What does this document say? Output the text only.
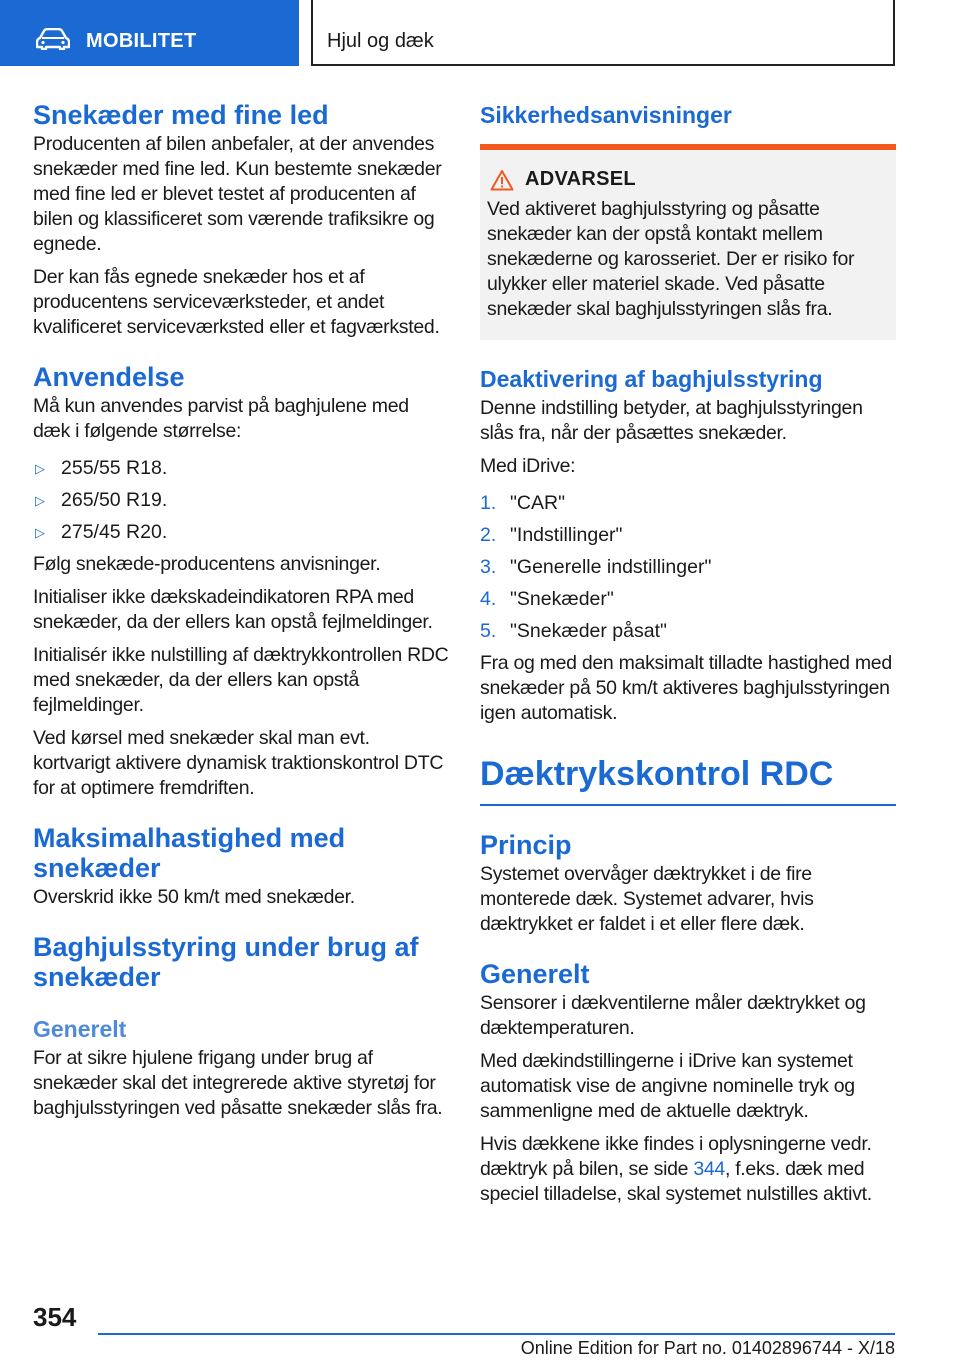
MOBILITET	Hjul og dæk
Snekæder med fine led

Producenten af bilen anbefaler, at der anvendes snekæder med fine led. Kun bestemte snekæder med fine led er blevet testet af producenten af bilen og klassificeret som værende trafiksikre og egnede.

Der kan fås egnede snekæder hos et af producentens serviceværksteder, et andet kvalificeret serviceværksted eller et fagværksted.

Anvendelse

Må kun anvendes parvist på baghjulene med dæk i følgende størrelse:

▷ 255/55 R18.
▷ 265/50 R19.
▷ 275/45 R20.

Følg snekæde-producentens anvisninger.

Initialiser ikke dækskadeindikatoren RPA med snekæder, da der ellers kan opstå fejlmeldinger.

Initialisér ikke nulstilling af dæktrykkontrollen RDC med snekæder, da der ellers kan opstå fejlmeldinger.

Ved kørsel med snekæder skal man evt. kortvarigt aktivere dynamisk traktionskontrol DTC for at optimere fremdriften.

Maksimalhastighed med snekæder

Overskrid ikke 50 km/t med snekæder.

Baghjulsstyring under brug af snekæder
Generelt

For at sikre hjulene frigang under brug af snekæder skal det integrerede aktive styretøj for baghjulsstyringen ved påsatte snekæder slås fra.

Sikkerhedsanvisninger
ADVARSEL

Ved aktiveret baghjulsstyring og påsatte snekæder kan der opstå kontakt mellem snekæderne og karosseriet. Der er risiko for ulykker eller materiel skade. Ved påsatte snekæder skal baghjulsstyringen slås fra.

Deaktivering af baghjulsstyring

Denne indstilling betyder, at baghjulsstyringen slås fra, når der påsættes snekæder.

Med iDrive:

1. "CAR"
2. "Indstillinger"
3. "Generelle indstillinger"
4. "Snekæder"
5. "Snekæder påsat"

Fra og med den maksimalt tilladte hastighed med snekæder på 50 km/t aktiveres baghjulsstyringen igen automatisk.

Dæktrykskontrol RDC
Princip

Systemet overvåger dæktrykket i de fire monterede dæk. Systemet advarer, hvis dæktrykket er faldet i et eller flere dæk.

Generelt

Sensorer i dækventilerne måler dæktrykket og dæktemperaturen.

Med dækindstillingerne i iDrive kan systemet automatisk vise de angivne nominelle tryk og sammenligne med de aktuelle dæktryk.

Hvis dækkene ikke findes i oplysningerne vedr. dæktryk på bilen, se side 344, f.eks. dæk med speciel tilladelse, skal systemet nulstilles aktivt.

354
Online Edition for Part no. 01402896744 - X/18
